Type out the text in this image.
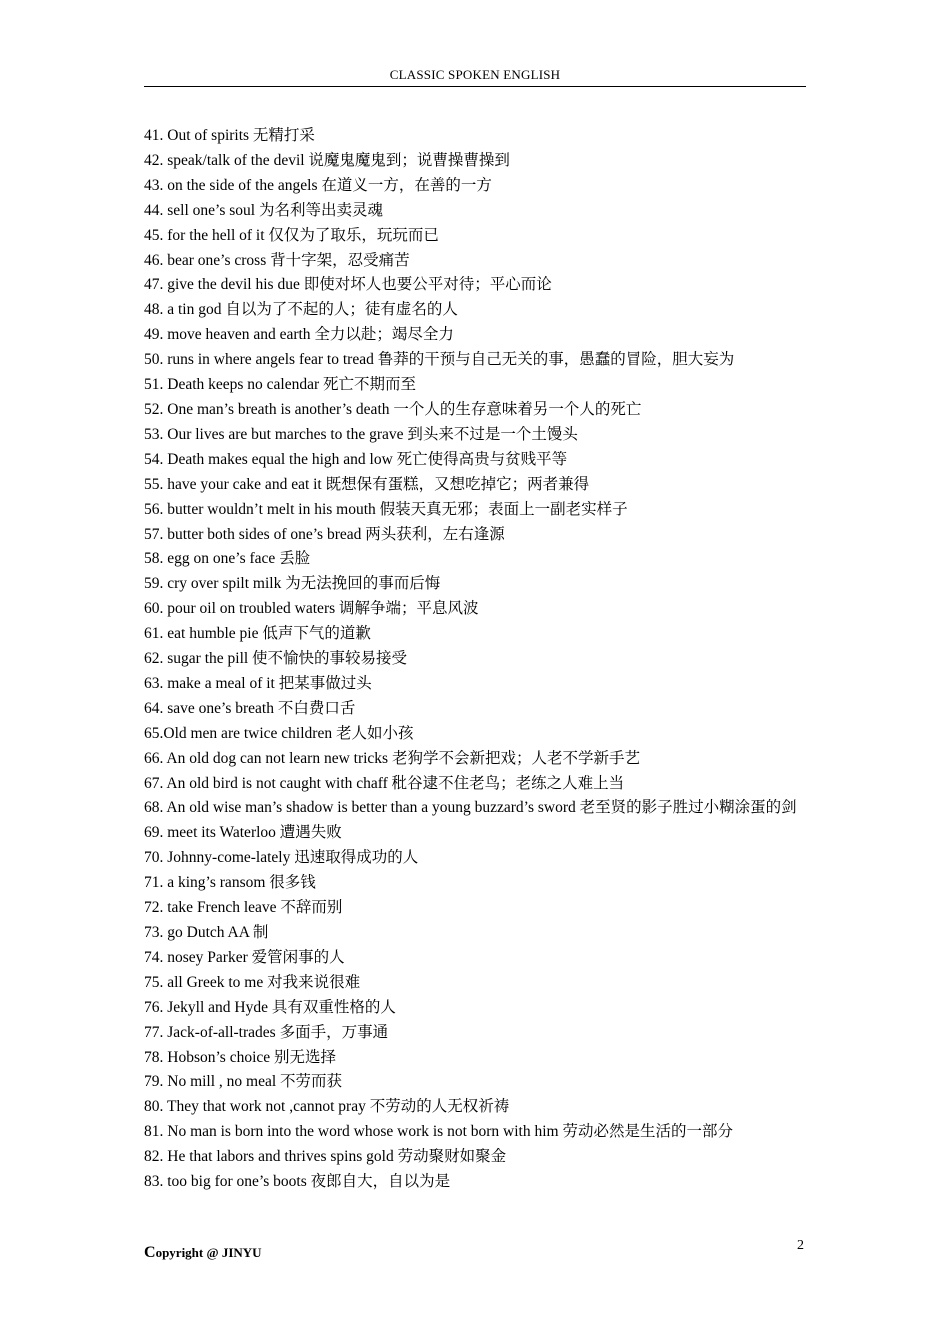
CLASSIC SPOKEN ENGLISH
41. Out of spirits 无精打采
42. speak/talk of the devil 说魔鬼魔鬼到；说曹操曹操到
43. on the side of the angels 在道义一方，在善的一方
44. sell one’s soul 为名利等出卖灵魂
45. for the hell of it 仅仅为了取乐，玩玩而已
46. bear one’s cross 背十字架，忍受痛苦
47. give the devil his due 即使对坏人也要公平对待；平心而论
48. a tin god 自以为了不起的人；徒有虚名的人
49. move heaven and earth 全力以赴；竭尽全力
50. runs in where angels fear to tread 鲁莽的干预与自己无关的事，愚蠢的冒险，胆大妄为
51. Death keeps no calendar 死亡不期而至
52. One man’s breath is another’s death 一个人的生存意味着另一个人的死亡
53. Our lives are but marches to the grave 到头来不过是一个土馒头
54. Death makes equal the high and low 死亡使得高贵与贫贱平等
55. have your cake and eat it 既想保有蛋糕，又想吃掉它；两者兼得
56. butter wouldn’t melt in his mouth 假装天真无邪；表面上一副老实样子
57. butter both sides of one’s bread 两头获利，左右逢源
58. egg on one’s face 丢脸
59. cry over spilt milk 为无法挽回的事而后悔
60. pour oil on troubled waters 调解争端；平息风波
61. eat humble pie 低声下气的道歉
62. sugar the pill 使不愉快的事较易接受
63. make a meal of it 把某事做过头
64. save one’s breath 不白费口舌
65.Old men are twice children 老人如小孩
66. An old dog can not learn new tricks 老狗学不会新把戏；人老不学新手艺
67. An old bird is not caught with chaff 秕谷逮不住老鸟；老练之人难上当
68. An old wise man’s shadow is better than a young buzzard’s sword 老至贤的影子胜过小糊涂蛋的剑
69. meet its Waterloo 遭遇失败
70. Johnny-come-lately 迅速取得成功的人
71. a king’s ransom 很多钱
72. take French leave 不辞而别
73. go Dutch AA 制
74. nosey Parker 爱管闲事的人
75. all Greek to me 对我来说很难
76. Jekyll and Hyde 具有双重性格的人
77. Jack-of-all-trades 多面手，万事通
78. Hobson’s choice 别无选择
79. No mill , no meal 不劳而获
80. They that work not ,cannot pray 不劳动的人无权祈祷
81. No man is born into the word whose work is not born with him 劳动必然是生活的一部分
82. He that labors and thrives spins gold 劳动聚财如聚金
83. too big for one’s boots 夜郎自大，自以为是
2
Copyright @ JINYU
